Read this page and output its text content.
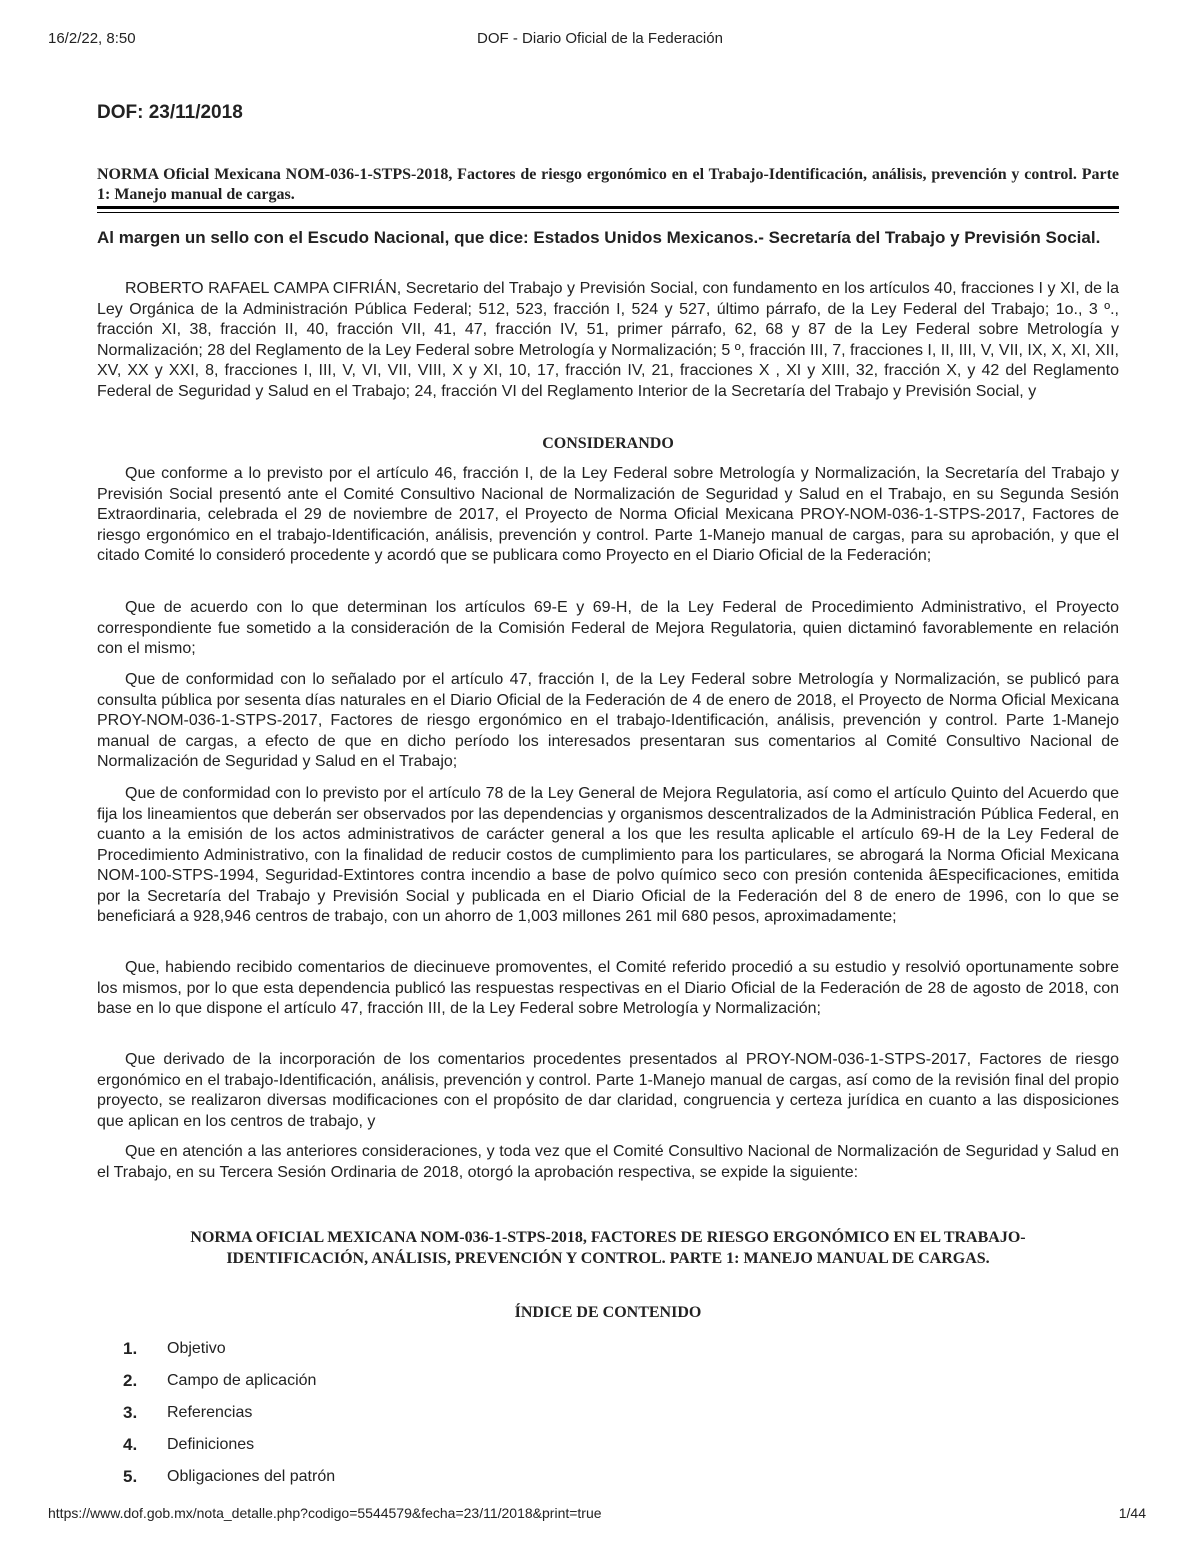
16/2/22, 8:50	DOF - Diario Oficial de la Federación
DOF: 23/11/2018
NORMA Oficial Mexicana NOM-036-1-STPS-2018, Factores de riesgo ergonómico en el Trabajo-Identificación, análisis, prevención y control. Parte 1: Manejo manual de cargas.
Al margen un sello con el Escudo Nacional, que dice: Estados Unidos Mexicanos.- Secretaría del Trabajo y Previsión Social.

ROBERTO RAFAEL CAMPA CIFRIÁN, Secretario del Trabajo y Previsión Social, con fundamento en los artículos 40, fracciones I y XI, de la Ley Orgánica de la Administración Pública Federal; 512, 523, fracción I, 524 y 527, último párrafo, de la Ley Federal del Trabajo; 1o., 3 º., fracción XI, 38, fracción II, 40, fracción VII, 41, 47, fracción IV, 51, primer párrafo, 62, 68 y 87 de la Ley Federal sobre Metrología y Normalización; 28 del Reglamento de la Ley Federal sobre Metrología y Normalización; 5 º, fracción III, 7, fracciones I, II, III, V, VII, IX, X, XI, XII, XV, XX y XXI, 8, fracciones I, III, V, VI, VII, VIII, X y XI, 10, 17, fracción IV, 21, fracciones X , XI y XIII, 32, fracción X, y 42 del Reglamento Federal de Seguridad y Salud en el Trabajo; 24, fracción VI del Reglamento Interior de la Secretaría del Trabajo y Previsión Social, y

CONSIDERANDO

Que conforme a lo previsto por el artículo 46, fracción I, de la Ley Federal sobre Metrología y Normalización, la Secretaría del Trabajo y Previsión Social presentó ante el Comité Consultivo Nacional de Normalización de Seguridad y Salud en el Trabajo, en su Segunda Sesión Extraordinaria, celebrada el 29 de noviembre de 2017, el Proyecto de Norma Oficial Mexicana PROY-NOM-036-1-STPS-2017, Factores de riesgo ergonómico en el trabajo-Identificación, análisis, prevención y control. Parte 1-Manejo manual de cargas, para su aprobación, y que el citado Comité lo consideró procedente y acordó que se publicara como Proyecto en el Diario Oficial de la Federación;

Que de acuerdo con lo que determinan los artículos 69-E y 69-H, de la Ley Federal de Procedimiento Administrativo, el Proyecto correspondiente fue sometido a la consideración de la Comisión Federal de Mejora Regulatoria, quien dictaminó favorablemente en relación con el mismo;

Que de conformidad con lo señalado por el artículo 47, fracción I, de la Ley Federal sobre Metrología y Normalización, se publicó para consulta pública por sesenta días naturales en el Diario Oficial de la Federación de 4 de enero de 2018, el Proyecto de Norma Oficial Mexicana PROY-NOM-036-1-STPS-2017, Factores de riesgo ergonómico en el trabajo-Identificación, análisis, prevención y control. Parte 1-Manejo manual de cargas, a efecto de que en dicho período los interesados presentaran sus comentarios al Comité Consultivo Nacional de Normalización de Seguridad y Salud en el Trabajo;

Que de conformidad con lo previsto por el artículo 78 de la Ley General de Mejora Regulatoria, así como el artículo Quinto del Acuerdo que fija los lineamientos que deberán ser observados por las dependencias y organismos descentralizados de la Administración Pública Federal, en cuanto a la emisión de los actos administrativos de carácter general a los que les resulta aplicable el artículo 69-H de la Ley Federal de Procedimiento Administrativo, con la finalidad de reducir costos de cumplimiento para los particulares, se abrogará la Norma Oficial Mexicana NOM-100-STPS-1994, Seguridad-Extintores contra incendio a base de polvo químico seco con presión contenida âEspecificaciones, emitida por la Secretaría del Trabajo y Previsión Social y publicada en el Diario Oficial de la Federación del 8 de enero de 1996, con lo que se beneficiará a 928,946 centros de trabajo, con un ahorro de 1,003 millones 261 mil 680 pesos, aproximadamente;

Que, habiendo recibido comentarios de diecinueve promoventes, el Comité referido procedió a su estudio y resolvió oportunamente sobre los mismos, por lo que esta dependencia publicó las respuestas respectivas en el Diario Oficial de la Federación de 28 de agosto de 2018, con base en lo que dispone el artículo 47, fracción III, de la Ley Federal sobre Metrología y Normalización;

Que derivado de la incorporación de los comentarios procedentes presentados al PROY-NOM-036-1-STPS-2017, Factores de riesgo ergonómico en el trabajo-Identificación, análisis, prevención y control. Parte 1-Manejo manual de cargas, así como de la revisión final del propio proyecto, se realizaron diversas modificaciones con el propósito de dar claridad, congruencia y certeza jurídica en cuanto a las disposiciones que aplican en los centros de trabajo, y

Que en atención a las anteriores consideraciones, y toda vez que el Comité Consultivo Nacional de Normalización de Seguridad y Salud en el Trabajo, en su Tercera Sesión Ordinaria de 2018, otorgó la aprobación respectiva, se expide la siguiente:

NORMA OFICIAL MEXICANA NOM-036-1-STPS-2018, FACTORES DE RIESGO ERGONÓMICO EN EL TRABAJO-IDENTIFICACIÓN, ANÁLISIS, PREVENCIÓN Y CONTROL. PARTE 1: MANEJO MANUAL DE CARGAS.
ÍNDICE DE CONTENIDO
1.	Objetivo
2.	Campo de aplicación
3.	Referencias
4.	Definiciones
5.	Obligaciones del patrón
https://www.dof.gob.mx/nota_detalle.php?codigo=5544579&fecha=23/11/2018&print=true	1/44
